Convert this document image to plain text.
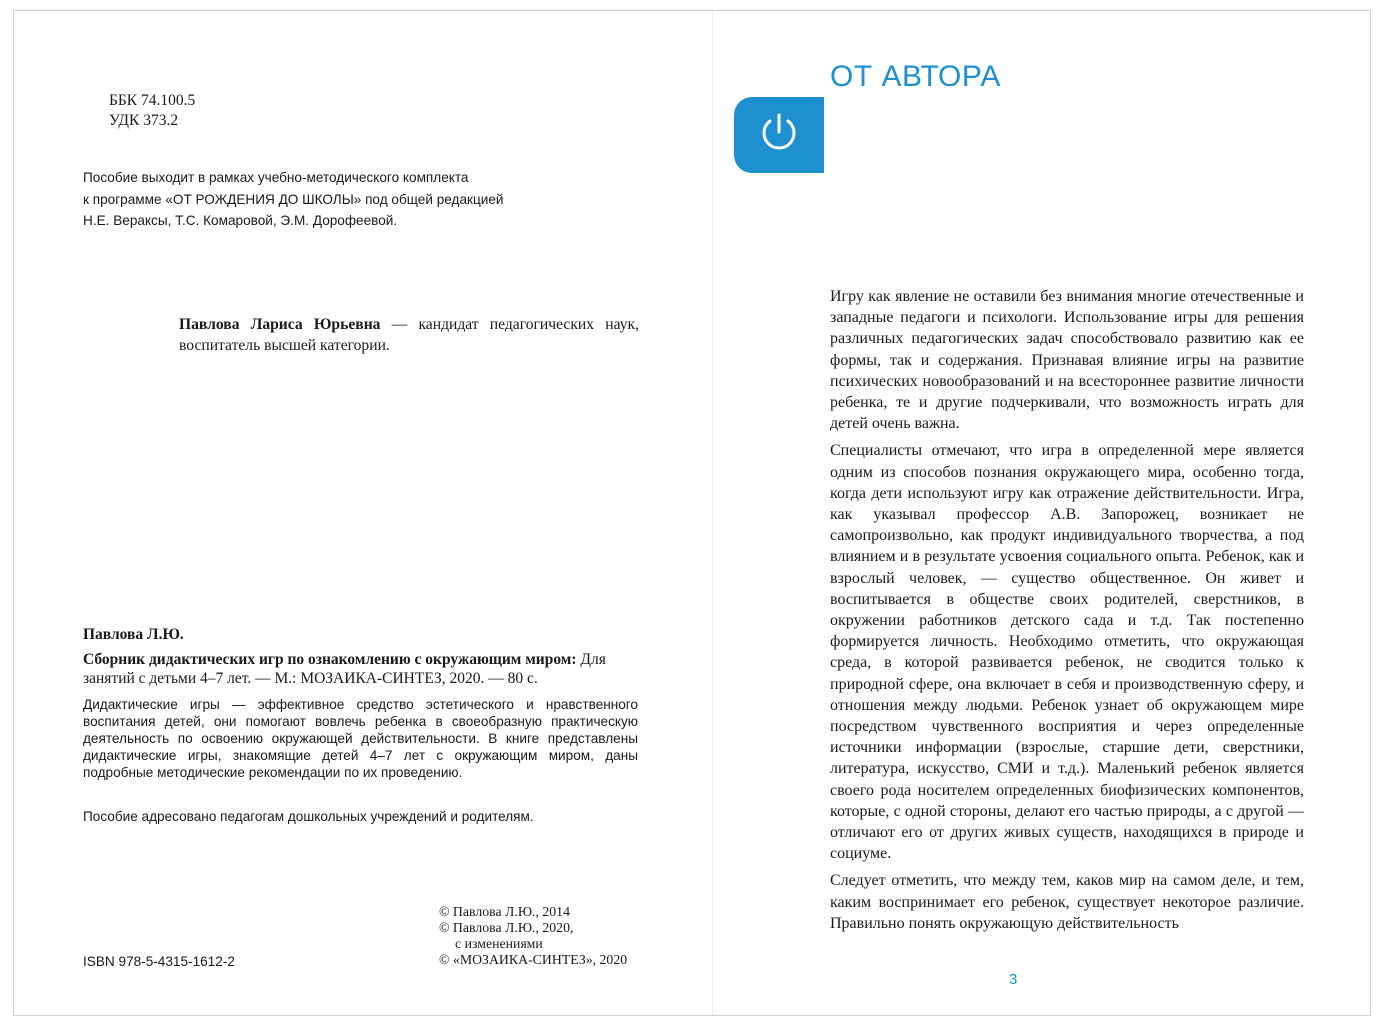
ББК 74.100.5
УДК 373.2
Пособие выходит в рамках учебно-методического комплекта
к программе «ОТ РОЖДЕНИЯ ДО ШКОЛЫ» под общей редакцией
Н.Е. Вераксы, Т.С. Комаровой, Э.М. Дорофеевой.

Павлова Лариса Юрьевна — кандидат педагогических наук, воспитатель высшей категории.

Павлова Л.Ю.

Сборник дидактических игр по ознакомлению с окружающим миром: Для занятий с детьми 4–7 лет. — М.: МОЗАИКА-СИНТЕЗ, 2020. — 80 с.

Дидактические игры — эффективное средство эстетического и нравственного воспитания детей, они помогают вовлечь ребенка в своеобразную практическую деятельность по освоению окружающей действительности. В книге представлены дидактические игры, знакомящие детей 4–7 лет с окружающим миром, даны подробные методические рекомендации по их проведению.

Пособие адресовано педагогам дошкольных учреждений и родителям.

© Павлова Л.Ю., 2014
© Павлова Л.Ю., 2020,
с изменениями
© «МОЗАИКА-СИНТЕЗ», 2020
ISBN 978-5-4315-1612-2
ОТ АВТОРА

Игру как явление не оставили без внимания многие отечественные и западные педагоги и психологи. Использование игры для решения различных педагогических задач способствовало развитию как ее формы, так и содержания. Признавая влияние игры на развитие психических новообразований и на всестороннее развитие личности ребенка, те и другие подчеркивали, что возможность играть для детей очень важна.

Специалисты отмечают, что игра в определенной мере является одним из способов познания окружающего мира, особенно тогда, когда дети используют игру как отражение действительности. Игра, как указывал профессор А.В. Запорожец, возникает не самопроизвольно, как продукт индивидуального творчества, а под влиянием и в результате усвоения социального опыта. Ребенок, как и взрослый человек, — существо общественное. Он живет и воспитывается в обществе своих родителей, сверстников, в окружении работников детского сада и т.д. Так постепенно формируется личность. Необходимо отметить, что окружающая среда, в которой развивается ребенок, не сводится только к природной сфере, она включает в себя и производственную сферу, и отношения между людьми. Ребенок узнает об окружающем мире посредством чувственного восприятия и через определенные источники информации (взрослые, старшие дети, сверстники, литература, искусство, СМИ и т.д.). Маленький ребенок является своего рода носителем определенных биофизических компонентов, которые, с одной стороны, делают его частью природы, а с другой — отличают его от других живых существ, находящихся в природе и социуме.

Следует отметить, что между тем, каков мир на самом деле, и тем, каким воспринимает его ребенок, существует некоторое различие. Правильно понять окружающую действительность

3
